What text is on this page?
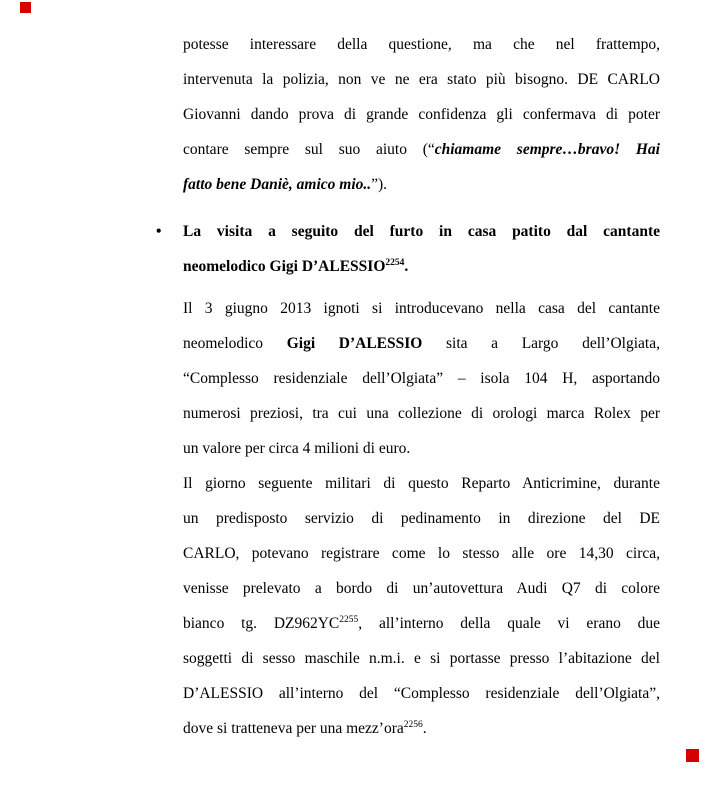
potesse interessare della questione, ma che nel frattempo,
intervenuta la polizia, non ve ne era stato più bisogno. DE CARLO
Giovanni dando prova di grande confidenza gli confermava di poter
contare sempre sul suo aiuto (“chiamame sempre…bravo! Hai
fatto bene Daniè, amico mio..”).
• La visita a seguito del furto in casa patito dal cantante
neomelodico Gigi $D’ALESSIO^{2254}$.
Il 3 giugno 2013 ignoti si introducevano nella casa del cantante
neomelodico Gigi D’ALESSIO sita a Largo dell’Olgiata,
“Complesso residenziale dell’Olgiata” – isola 104 H, asportando
numerosi preziosi, tra cui una collezione di orologi marca Rolex per
un valore per circa 4 milioni di euro.
Il giorno seguente militari di questo Reparto Anticrimine, durante
un predisposto servizio di pedinamento in direzione del DE
CARLO, potevano registrare come lo stesso alle ore 14,30 circa,
venisse prelevato a bordo di un’autovettura Audi Q7 di colore
bianco tg. $DZ962YC^{2255}$, all’interno della quale vi erano due
soggetti di sesso maschile n.m.i. e si portasse presso l’abitazione del
D’ALESSIO all’interno del “Complesso residenziale dell’Olgiata”,
dove si tratteneva per una mezz’ora$^{2256}$.
